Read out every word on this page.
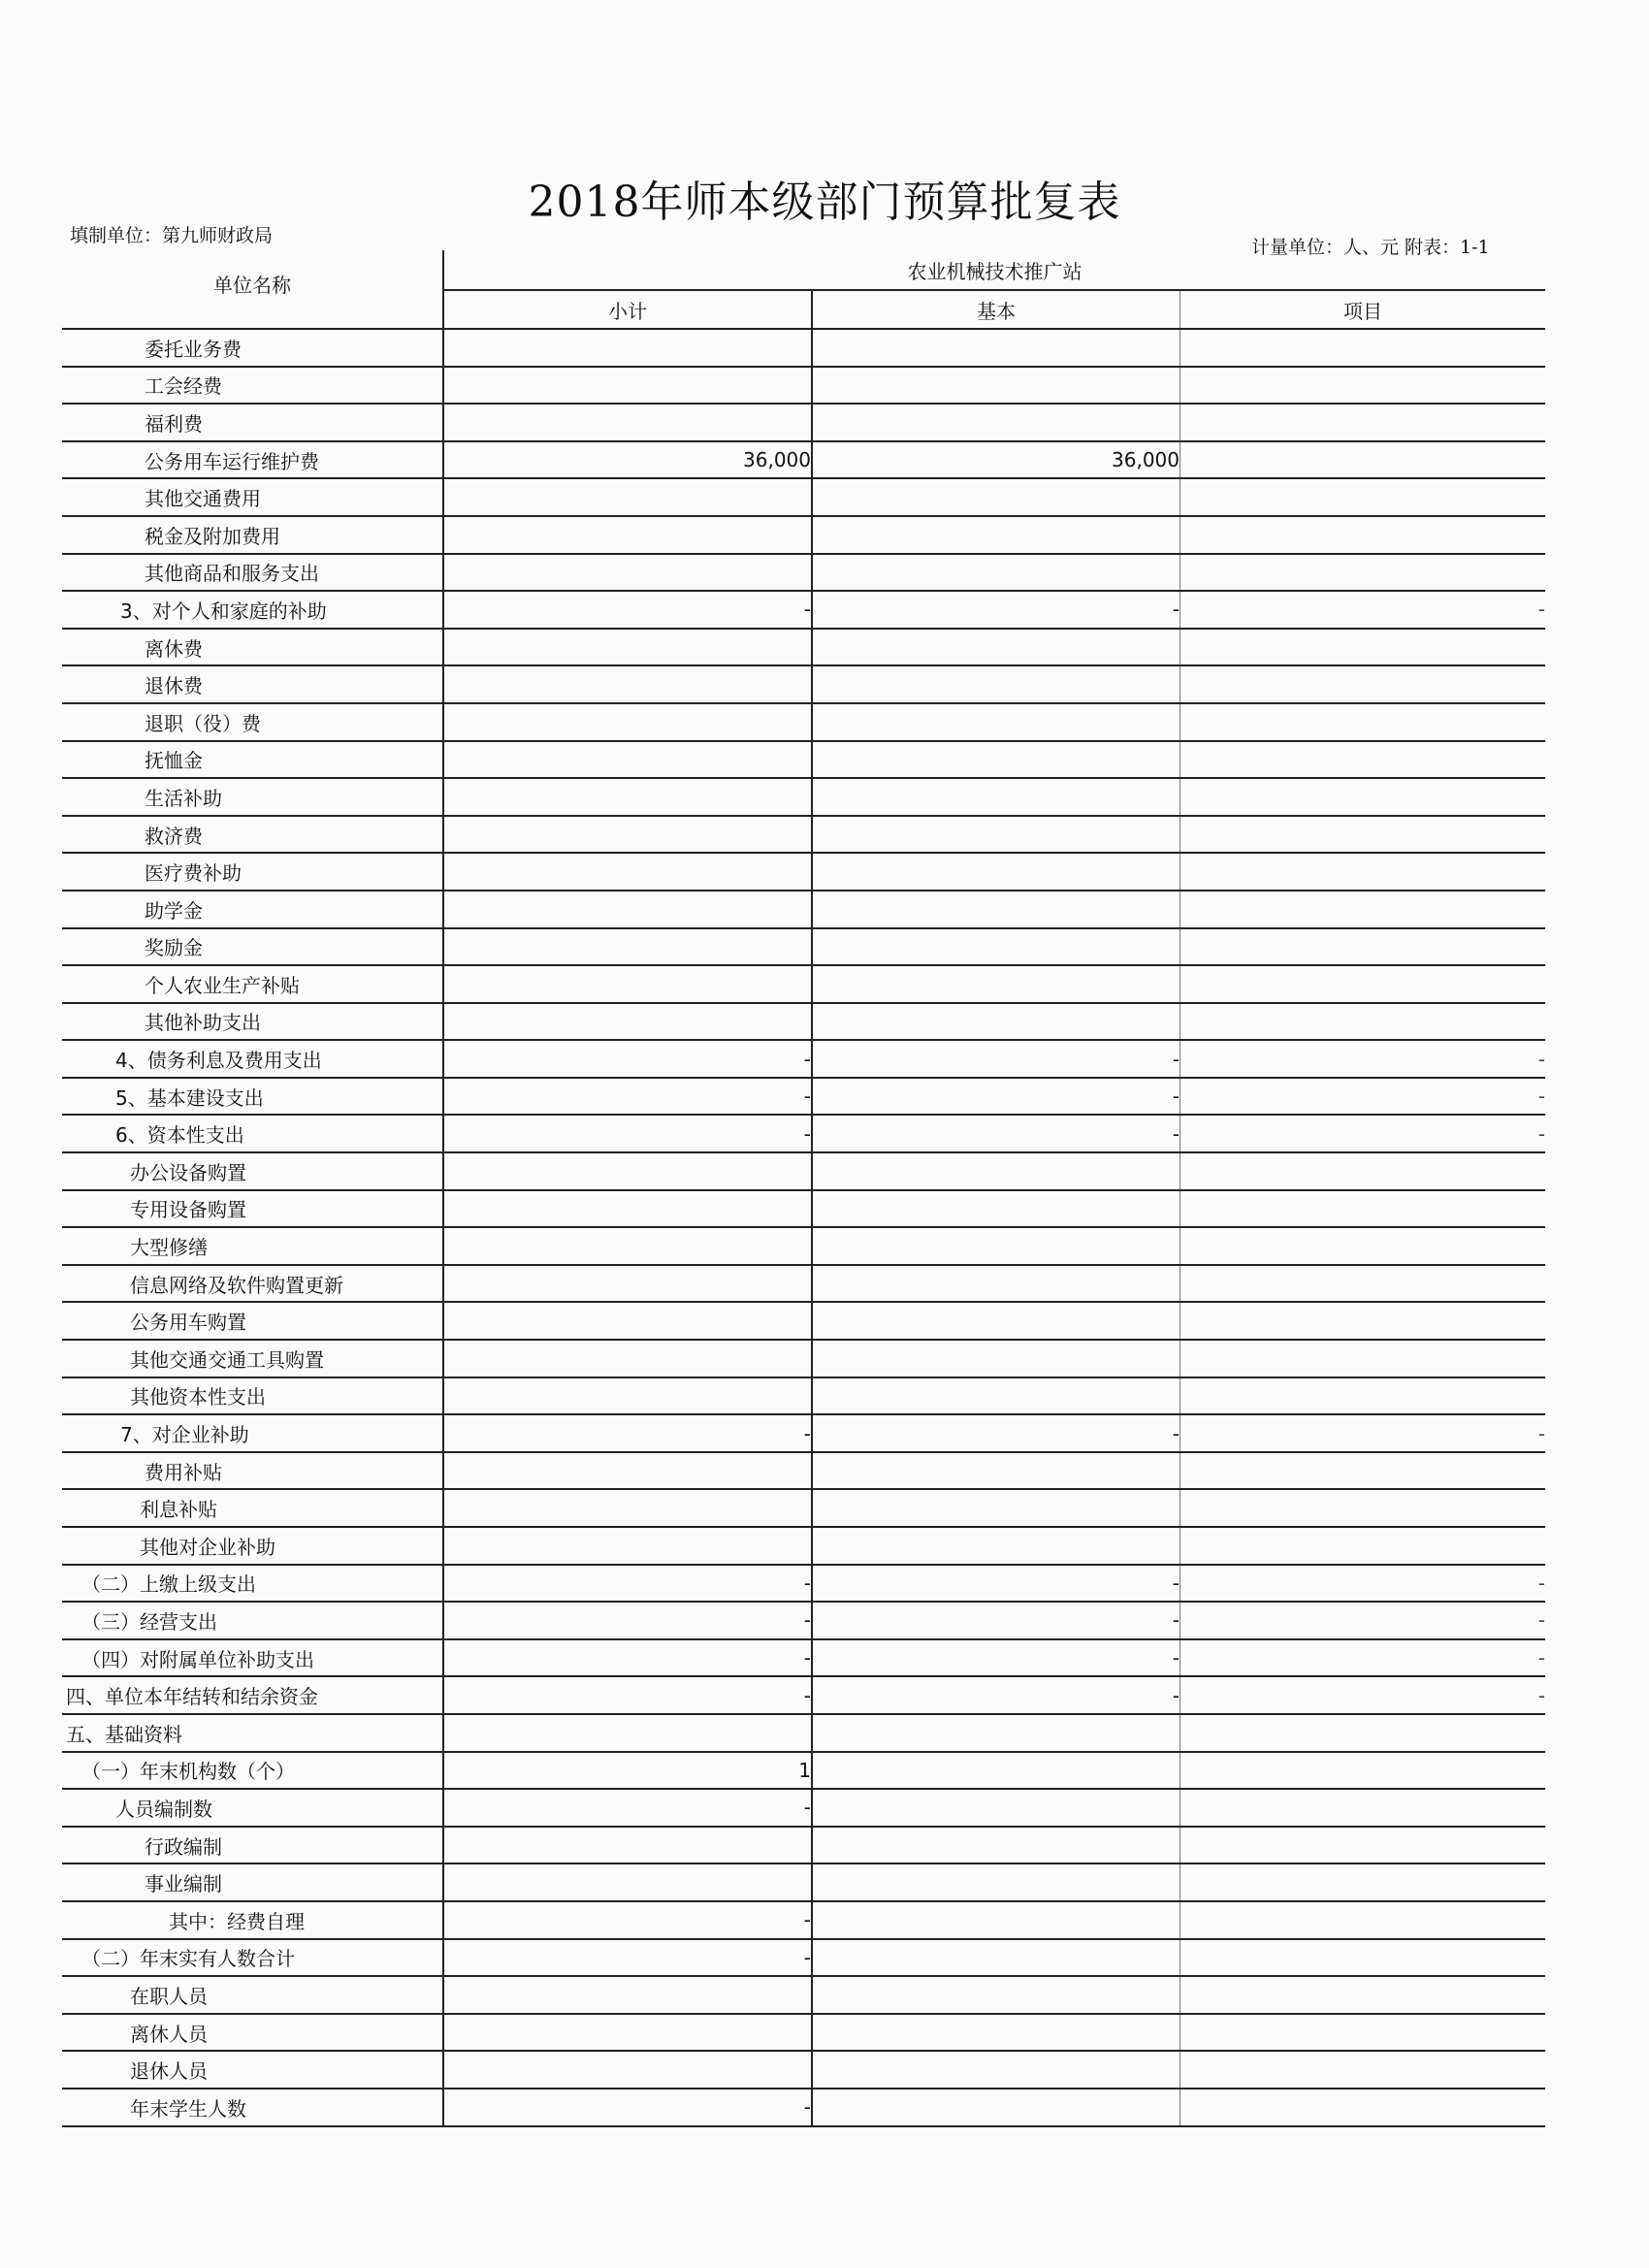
2018年师本级部门预算批复表
填制单位：第九师财政局
计量单位：人、元 附表：1-1
单位名称	农业机械技术推广站		
	小计	基本	项目
委托业务费			
工会经费			
福利费			
公务用车运行维护费	36,000	36,000	
其他交通费用			
税金及附加费用			
其他商品和服务支出			
3、对个人和家庭的补助	-	-	-
离休费			
退休费			
退职（役）费			
抚恤金			
生活补助			
救济费			
医疗费补助			
助学金			
奖励金			
个人农业生产补贴			
其他补助支出			
4、债务利息及费用支出	-	-	-
5、基本建设支出	-	-	-
6、资本性支出	-	-	-
办公设备购置			
专用设备购置			
大型修缮			
信息网络及软件购置更新			
公务用车购置			
其他交通交通工具购置			
其他资本性支出			
7、对企业补助	-	-	-
费用补贴			
利息补贴			
其他对企业补助			
（二）上缴上级支出	-	-	-
（三）经营支出	-	-	-
（四）对附属单位补助支出	-	-	-
四、单位本年结转和结余资金	-	-	-
五、基础资料			
（一）年末机构数（个）	1		
人员编制数	-		
行政编制			
事业编制			
其中：经费自理	-		
（二）年末实有人数合计	-		
在职人员			
离休人员			
退休人员			
年末学生人数	-		
